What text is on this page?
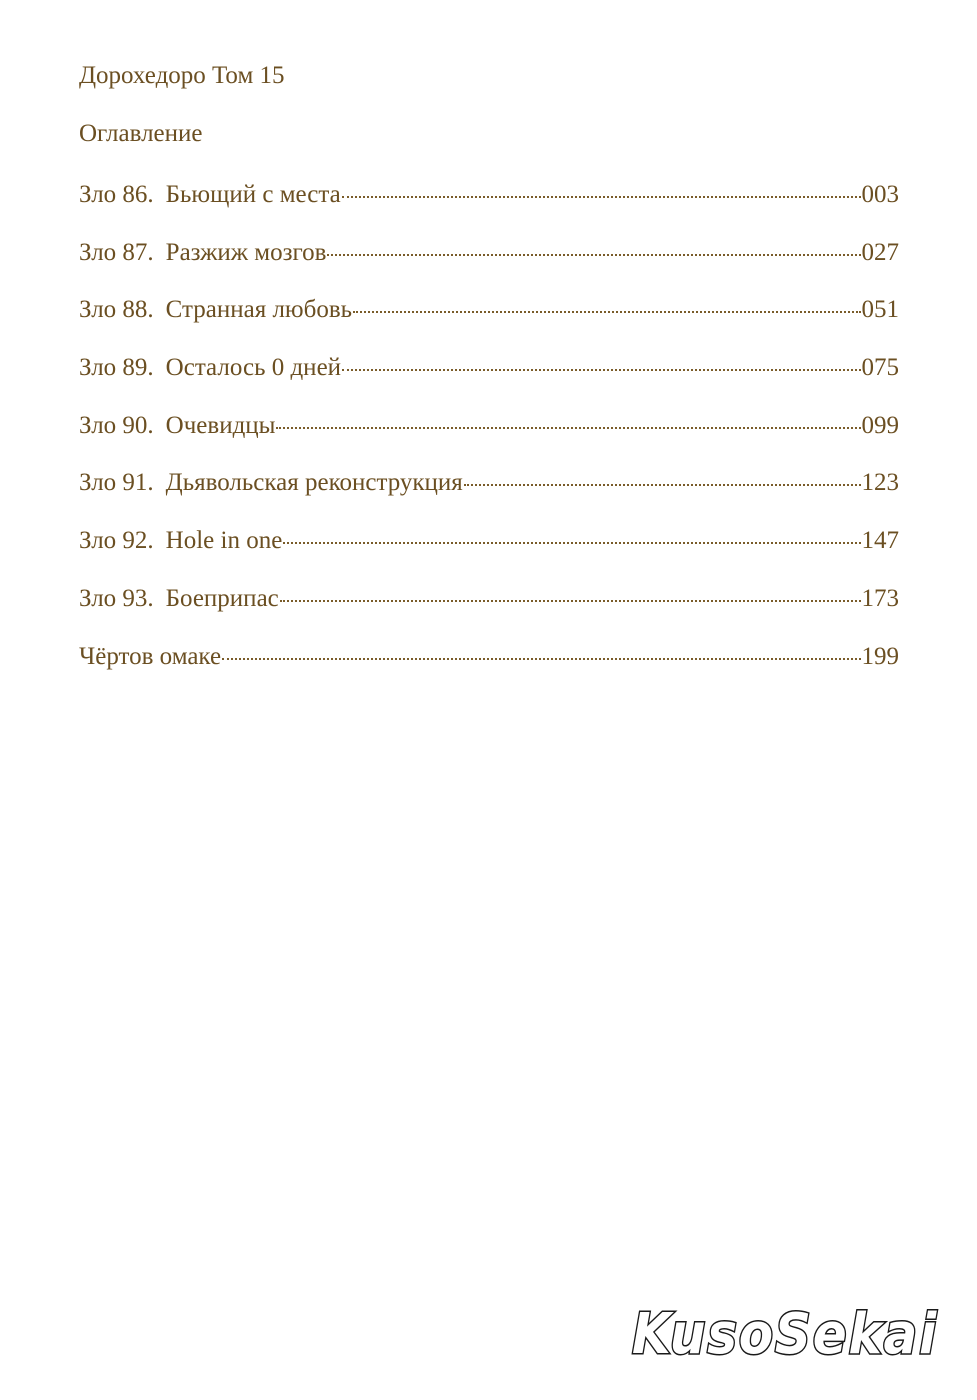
Дорохедоро Том 15
Оглавление
Зло 86. Бьющий с места	003
Зло 87. Разжиж мозгов	027
Зло 88. Странная любовь	051
Зло 89. Осталось 0 дней	075
Зло 90. Очевидцы	099
Зло 91. Дьявольская реконструкция	123
Зло 92. Hole in one	147
Зло 93. Боеприпас	173
Чёртов омаке	199
KusoSekai
